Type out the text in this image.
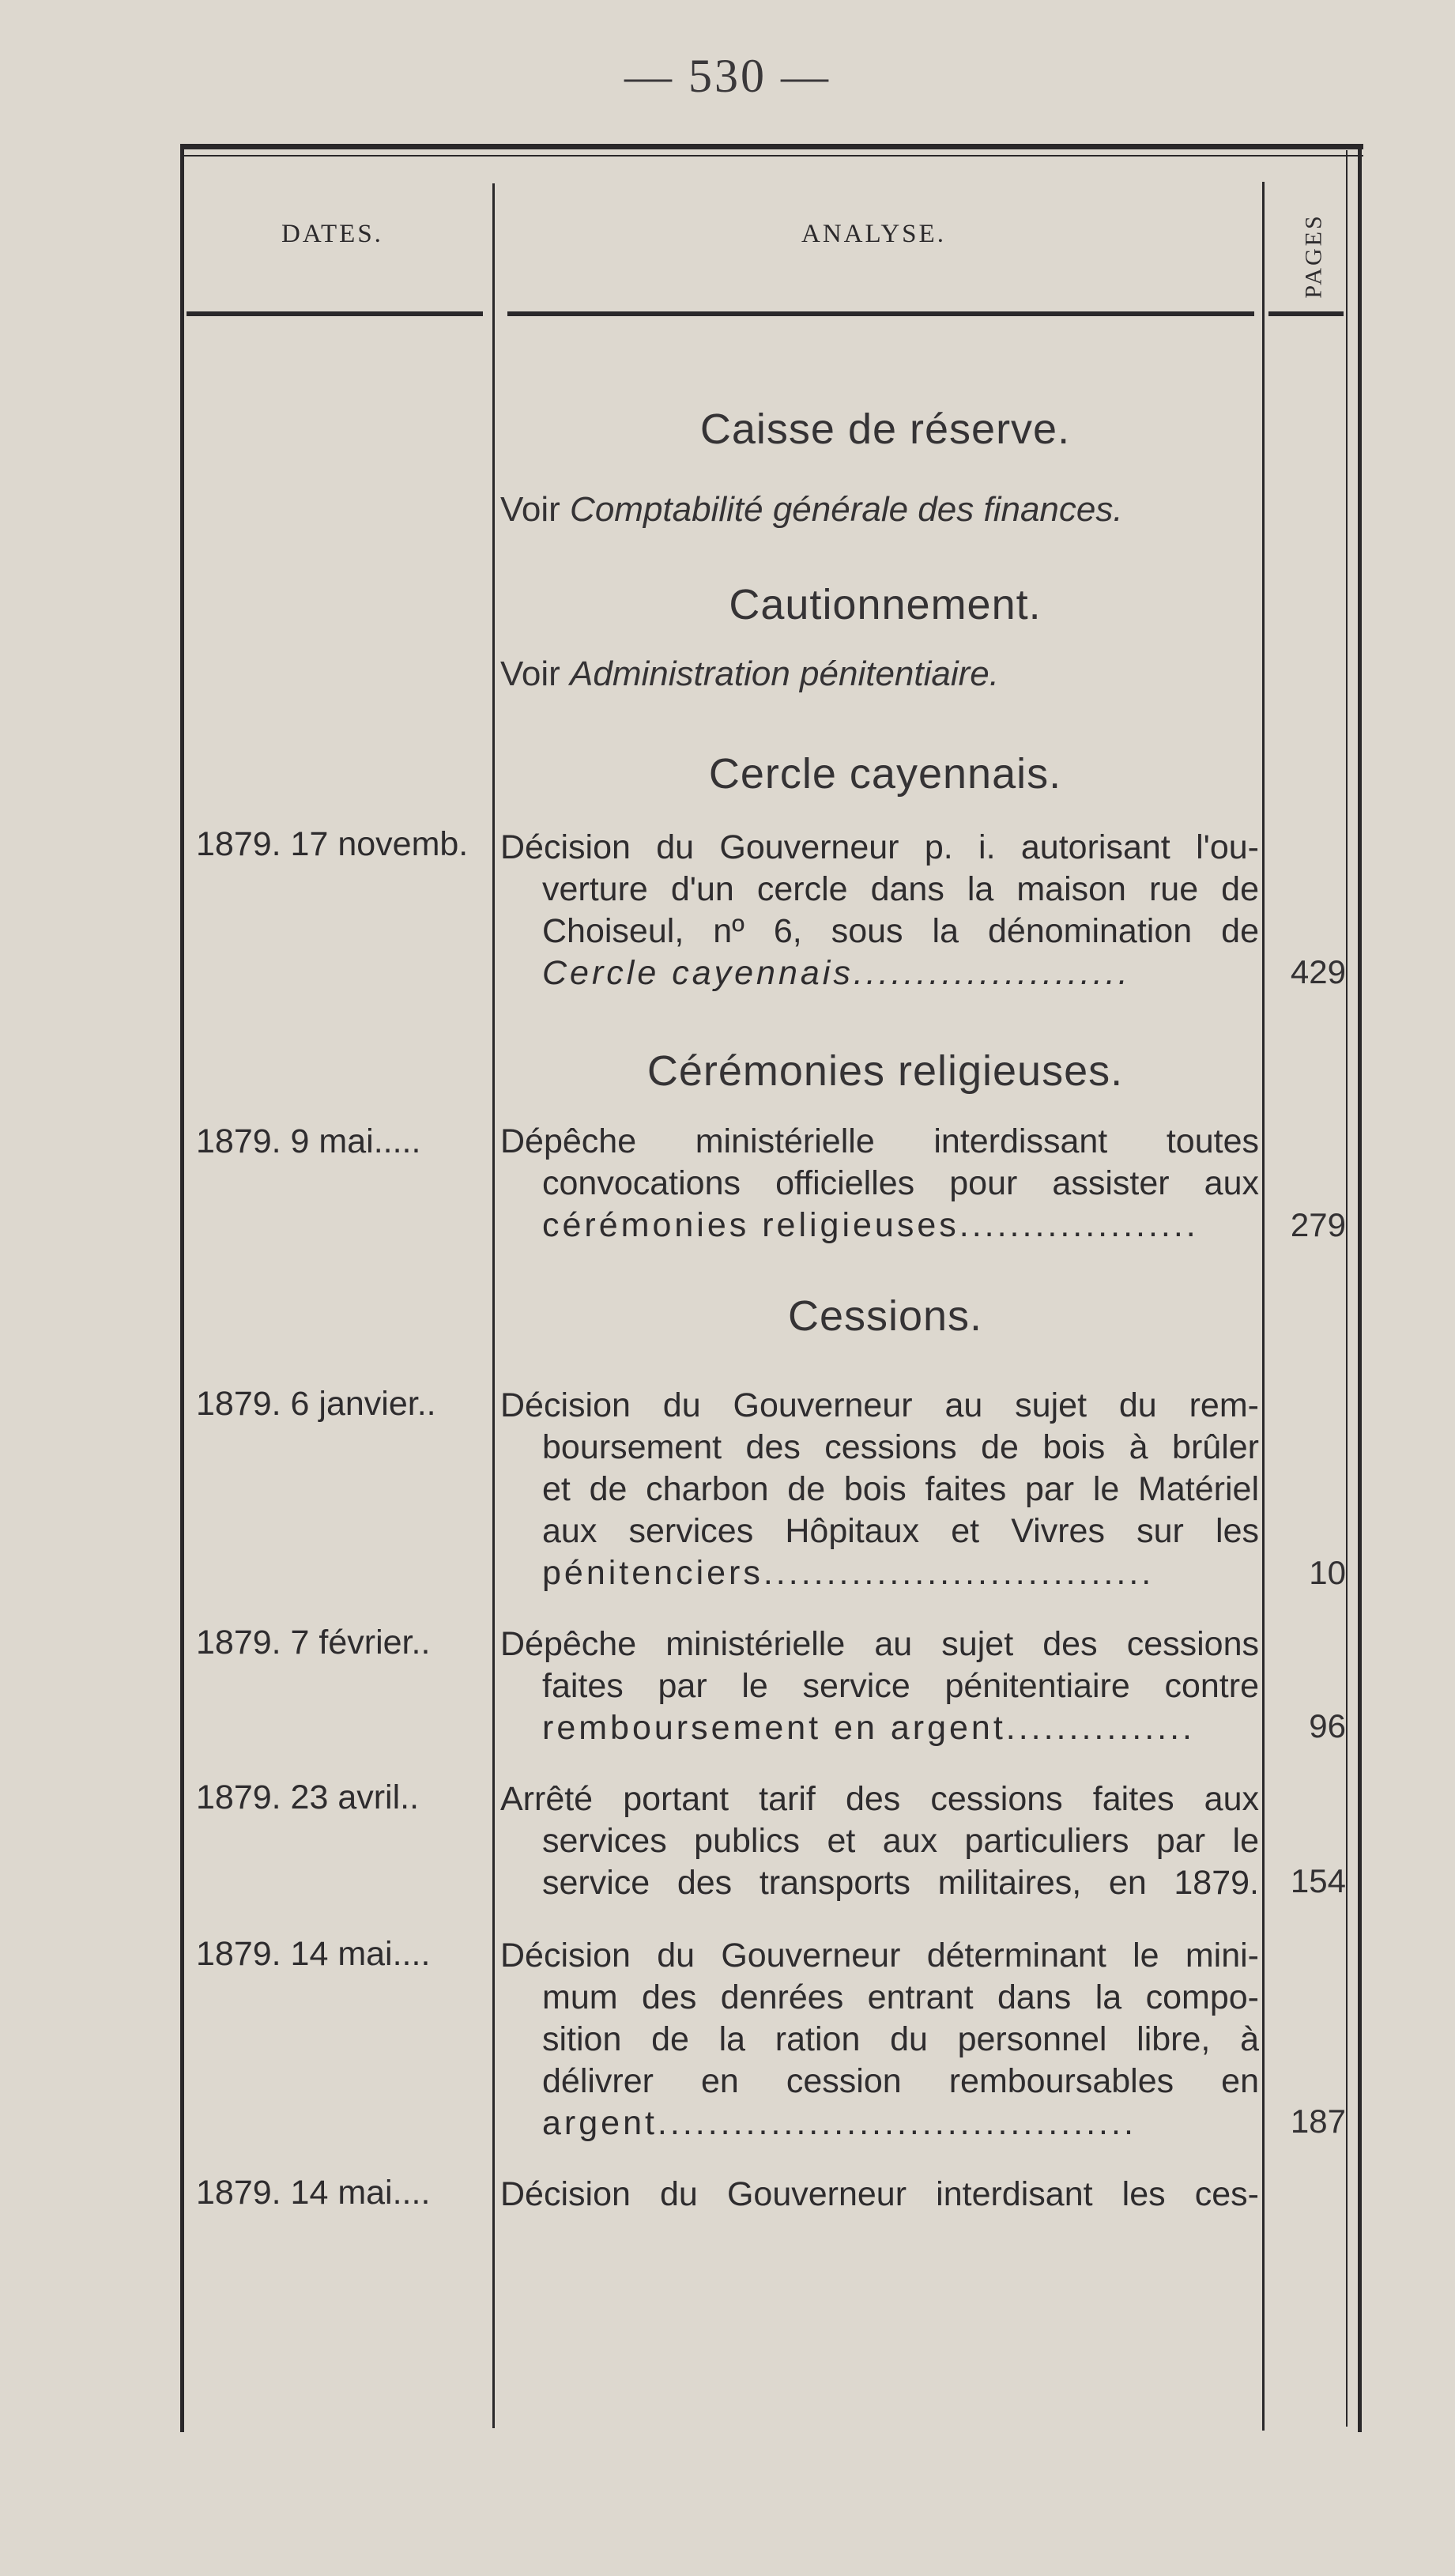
— 530 —
DATES.	ANALYSE.	PAGES
Caisse de réserve.
Voir Comptabilité générale des finances.
Cautionnement.
Voir Administration pénitentiaire.
Cercle cayennais.
1879. 17 novemb. Décision du Gouverneur p. i. autorisant l'ou-
verture d'un cercle dans la maison rue de
Choiseul, nº 6, sous la dénomination de
Cercle cayennais......................	429
Cérémonies religieuses.
1879. 9 mai.....	Dépêche ministérielle interdissant toutes
convocations officielles pour assister aux
cérémonies religieuses...................	279
Cessions.
1879. 6 janvier..	Décision du Gouverneur au sujet du rem-
boursement des cessions de bois à brûler
et de charbon de bois faites par le Matériel
aux services Hôpitaux et Vivres sur les
pénitenciers...............................	10
1879. 7 février..	Dépêche ministérielle au sujet des cessions
faites par le service pénitentiaire contre
remboursement en argent...............	96
1879. 23 avril..	Arrêté portant tarif des cessions faites aux
services publics et aux particuliers par le
service des transports militaires, en 1879. 154
1879. 14 mai....	Décision du Gouverneur déterminant le mini-
mum des denrées entrant dans la compo-
sition de la ration du personnel libre, à
délivrer en cession remboursables en
argent......................................	187
1879. 14 mai....	Décision du Gouverneur interdisant les ces-
